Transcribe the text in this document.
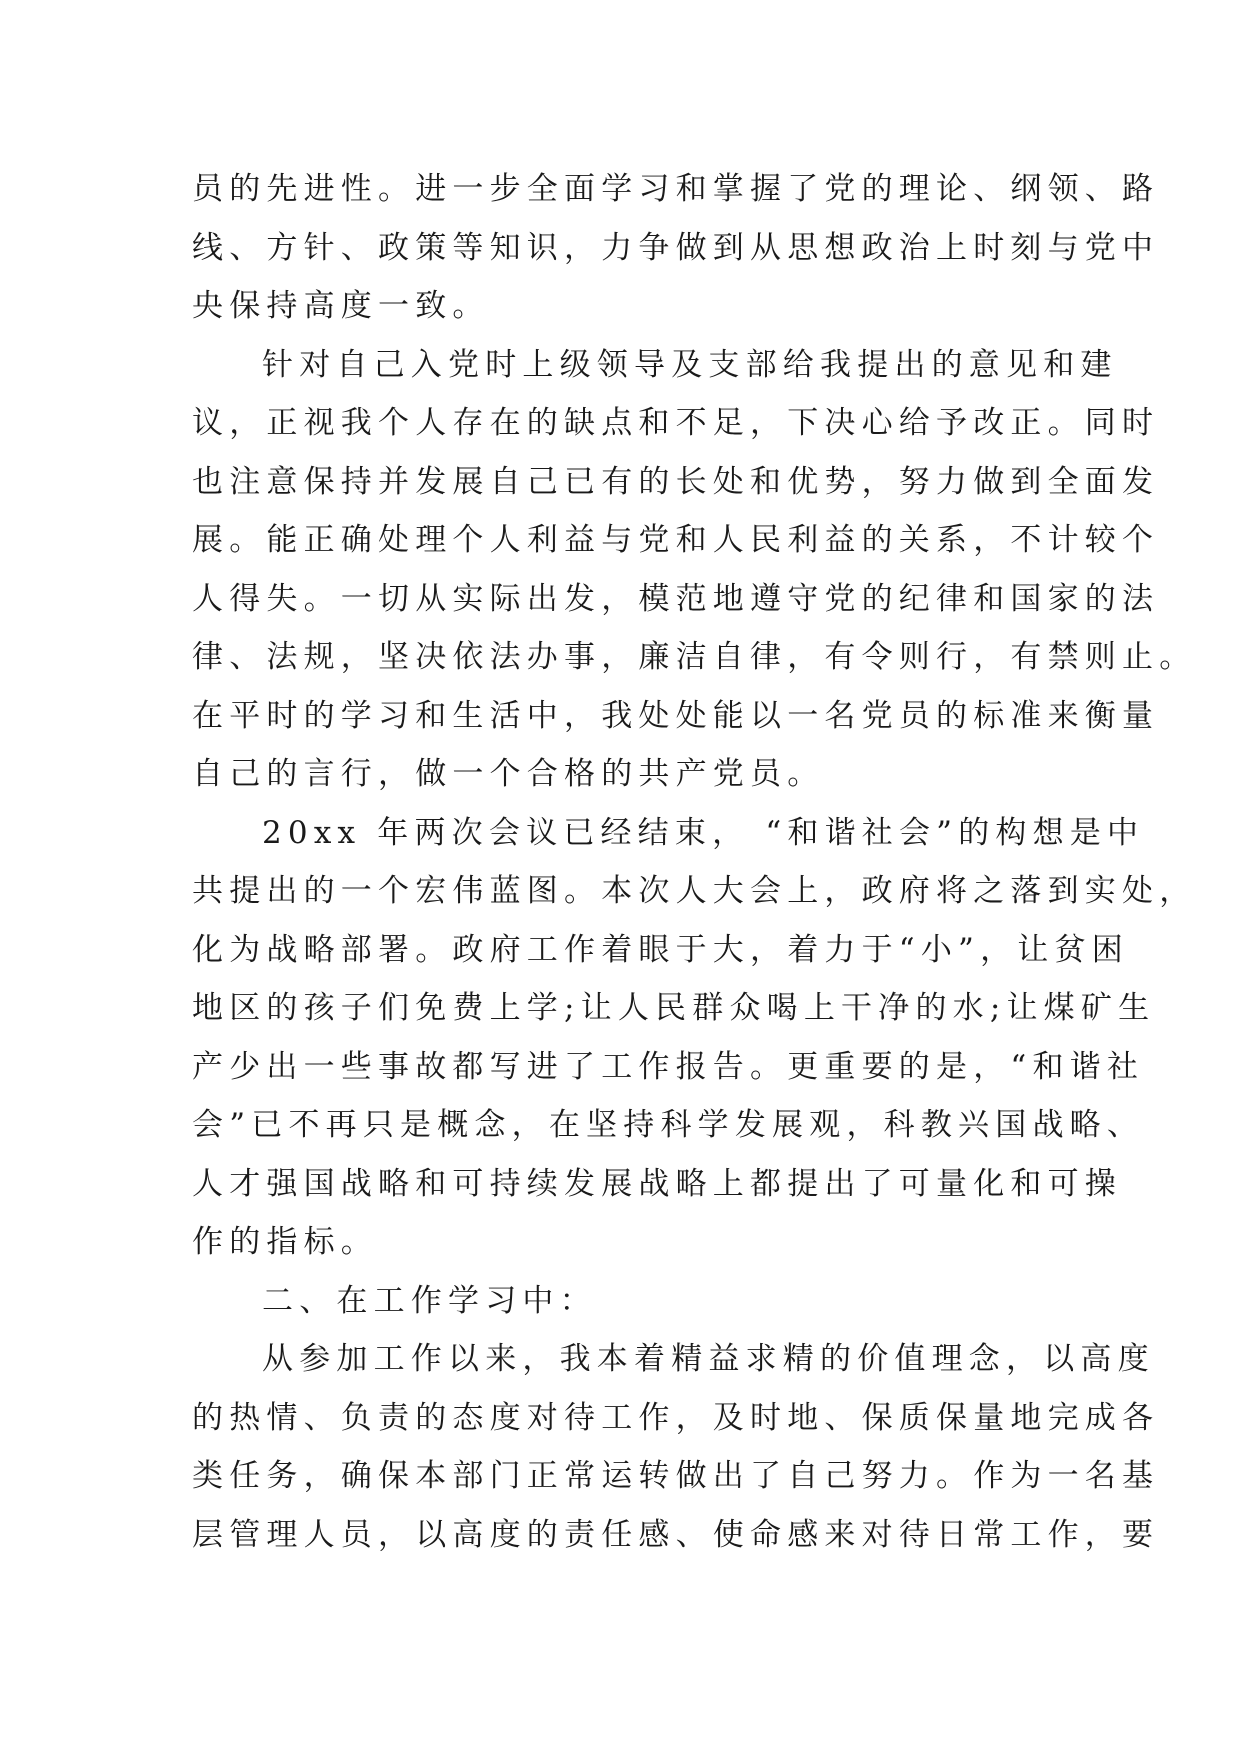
员的先进性。进一步全面学习和掌握了党的理论、纲领、路
线、方针、政策等知识，力争做到从思想政治上时刻与党中
央保持高度一致。
针对自己入党时上级领导及支部给我提出的意见和建
议，正视我个人存在的缺点和不足，下决心给予改正。同时
也注意保持并发展自己已有的长处和优势，努力做到全面发
展。能正确处理个人利益与党和人民利益的关系，不计较个
人得失。一切从实际出发，模范地遵守党的纪律和国家的法
律、法规，坚决依法办事，廉洁自律，有令则行，有禁则止。
在平时的学习和生活中，我处处能以一名党员的标准来衡量
自己的言行，做一个合格的共产党员。
20xx 年两次会议已经结束， “和谐社会”的构想是中
共提出的一个宏伟蓝图。本次人大会上，政府将之落到实处，
化为战略部署。政府工作着眼于大，着力于“小”，让贫困
地区的孩子们免费上学;让人民群众喝上干净的水;让煤矿生
产少出一些事故都写进了工作报告。更重要的是，“和谐社
会”已不再只是概念，在坚持科学发展观，科教兴国战略、
人才强国战略和可持续发展战略上都提出了可量化和可操
作的指标。
二、在工作学习中：
从参加工作以来，我本着精益求精的价值理念，以高度
的热情、负责的态度对待工作，及时地、保质保量地完成各
类任务，确保本部门正常运转做出了自己努力。作为一名基
层管理人员，以高度的责任感、使命感来对待日常工作，要
